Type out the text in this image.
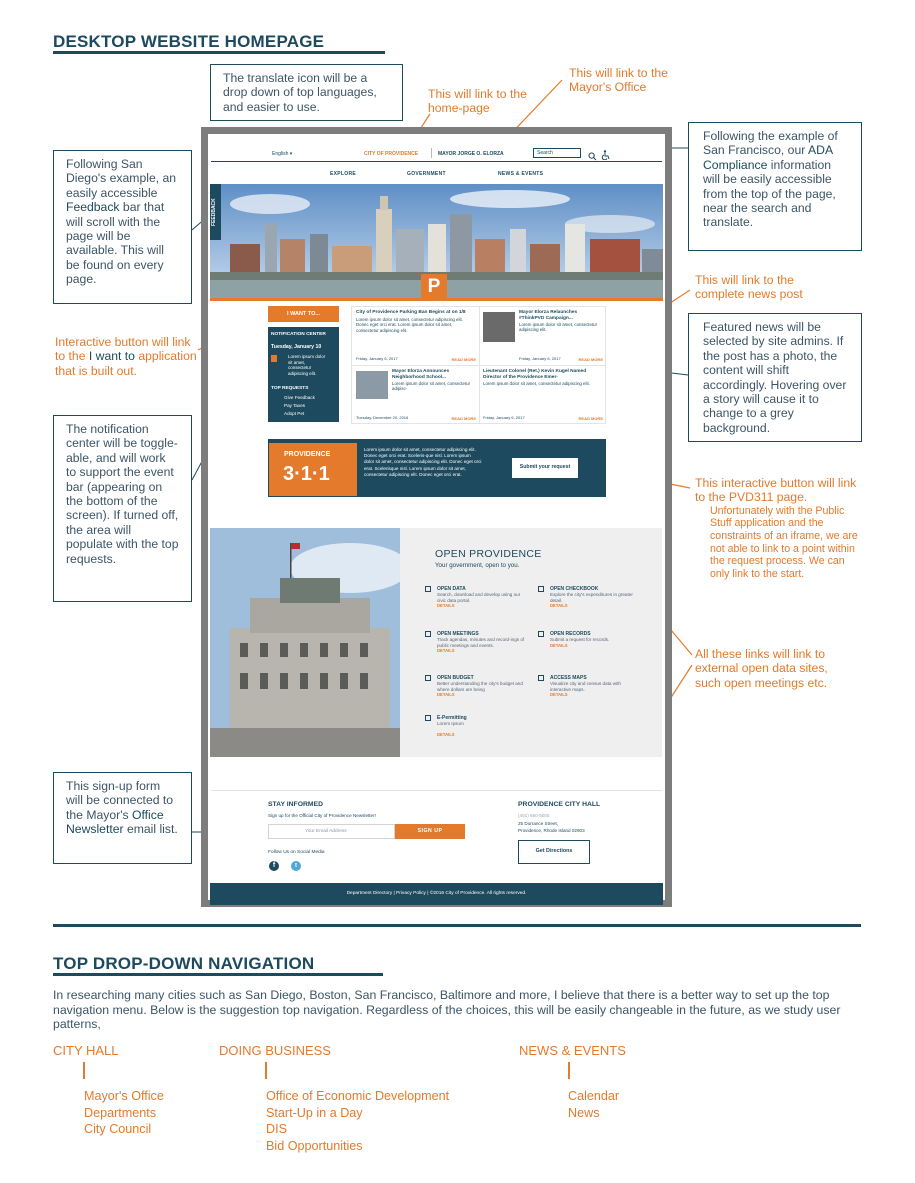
DESKTOP WEBSITE HOMEPAGE
The translate icon will be a drop down of top languages, and easier to use.
This will link to the home-page
This will link to the
Mayor's Office
Following San Diego's example, an easily accessible Feedback bar that will scroll with the page will be available. This will be found on every page.
Following the example of San Francisco, our ADA Compliance information will be easily accessible from the top of the page, near the search and translate.
This will link to the complete news post
Featured news will be selected by site admins. If the post has a photo, the content will shift accordingly. Hovering over a story will cause it to change to a grey background.
Interactive button will link to the I want to application that is built out.
The notification center will be toggle-able, and will work to support the event bar (appearing on the bottom of the screen). If turned off, the area will populate with the top requests.
This interactive button will link to the PVD311 page.
Unfortunately with the Public Stuff application and the constraints of an iframe, we are not able to link to a point within the request process. We can only link to the start.
All these links will link to external open data sites, such open meetings etc.
This sign-up form will be connected to the Mayor's Office Newsletter email list.
English ▾	CITY OF PROVIDENCE	MAYOR JORGE O. ELORZA	Search
EXPLORE	GOVERNMENT	NEWS & EVENTS
FEEDBACK
P
I WANT TO...
NOTIFICATION CENTER
Tuesday, January 10
Lorem ipsum dolor sit amet, consectetur adipiscing elit.
TOP REQUESTS
Give Feedback
Pay Taxes
Adopt Pet
City of Providence Parking Ban Begins at on 1/8
Lorem ipsum dolor sit amet, consectetur adipiscing elit. Donec eget orci erat. Lorem ipsum dolor sit amet, consectetur adipiscing elit.
Friday, January 6, 2017	READ MORE
Mayor Elorza Relaunches #ThinkPVD Campaign...
Lorem ipsum dolor sit amet, consectetur adipiscing elit.
Friday, January 6, 2017	READ MORE
Mayor Elorza Announces Neighborhood School...
Lorem ipsum dolor sit amet, consectetur adipisc-
Tuesday, December 20, 2016	READ MORE
Lieutenant Colonel (Ret.) Kevin Kugel Named Director of the Providence Emer-
Lorem ipsum dolor sit amet, consectetur adipiscing elit.
Friday, January 6, 2017	READ MORE
PROVIDENCE
3·1·1
Lorem ipsum dolor sit amet, consectetur adipiscing elit. Donec eget orci erat. Sceleris-que nisl. Lorem ipsum dolor sit amet, consectetur adipiscing elit. Donec eget orci erat. Scelerisque nisl. Lorem ipsum dolor sit amet, consectetur adipiscing elit. Donec eget orci erat.
Submit your request
OPEN PROVIDENCE
Your government, open to you.
OPEN DATA
Search, download and develop using our civic data portal.
DETAILS
OPEN CHECKBOOK
Explore the city's expenditures in greater detail.
DETAILS
OPEN MEETINGS
Track agendas, minutes and record-ings of public meetings and events.
DETAILS
OPEN RECORDS
Submit a request for records.
DETAILS
OPEN BUDGET
Better understanding the city's budget and where dollars are being
DETAILS
ACCESS MAPS
Visualize city and census data with interactive maps.
DETAILS
E-Permitting
Lorem Ipsum
DETAILS
STAY INFORMED
Sign up for the Official City of Providence Newsletter!
Your Email Address	SIGN UP
Follow Us on Social Media
f	t
PROVIDENCE CITY HALL
(401) 680-5000
25 Dorrance Street,
Providence, Rhode Island 02903
Get Directions
Department Directory | Privacy Policy | ©2016 City of Providence. All rights reserved.
TOP DROP-DOWN NAVIGATION
In researching many cities such as San Diego, Boston, San Francisco, Baltimore and more, I believe that there is a better way to set up the top navigation menu. Below is the suggestion top navigation. Regardless of the choices, this will be easily changeable in the future, as we study user patterns,
CITY HALL
Mayor's Office
Departments
City Council
DOING BUSINESS
Office of Economic Development
Start-Up in a Day
DIS
Bid Opportunities
NEWS & EVENTS
Calendar
News
